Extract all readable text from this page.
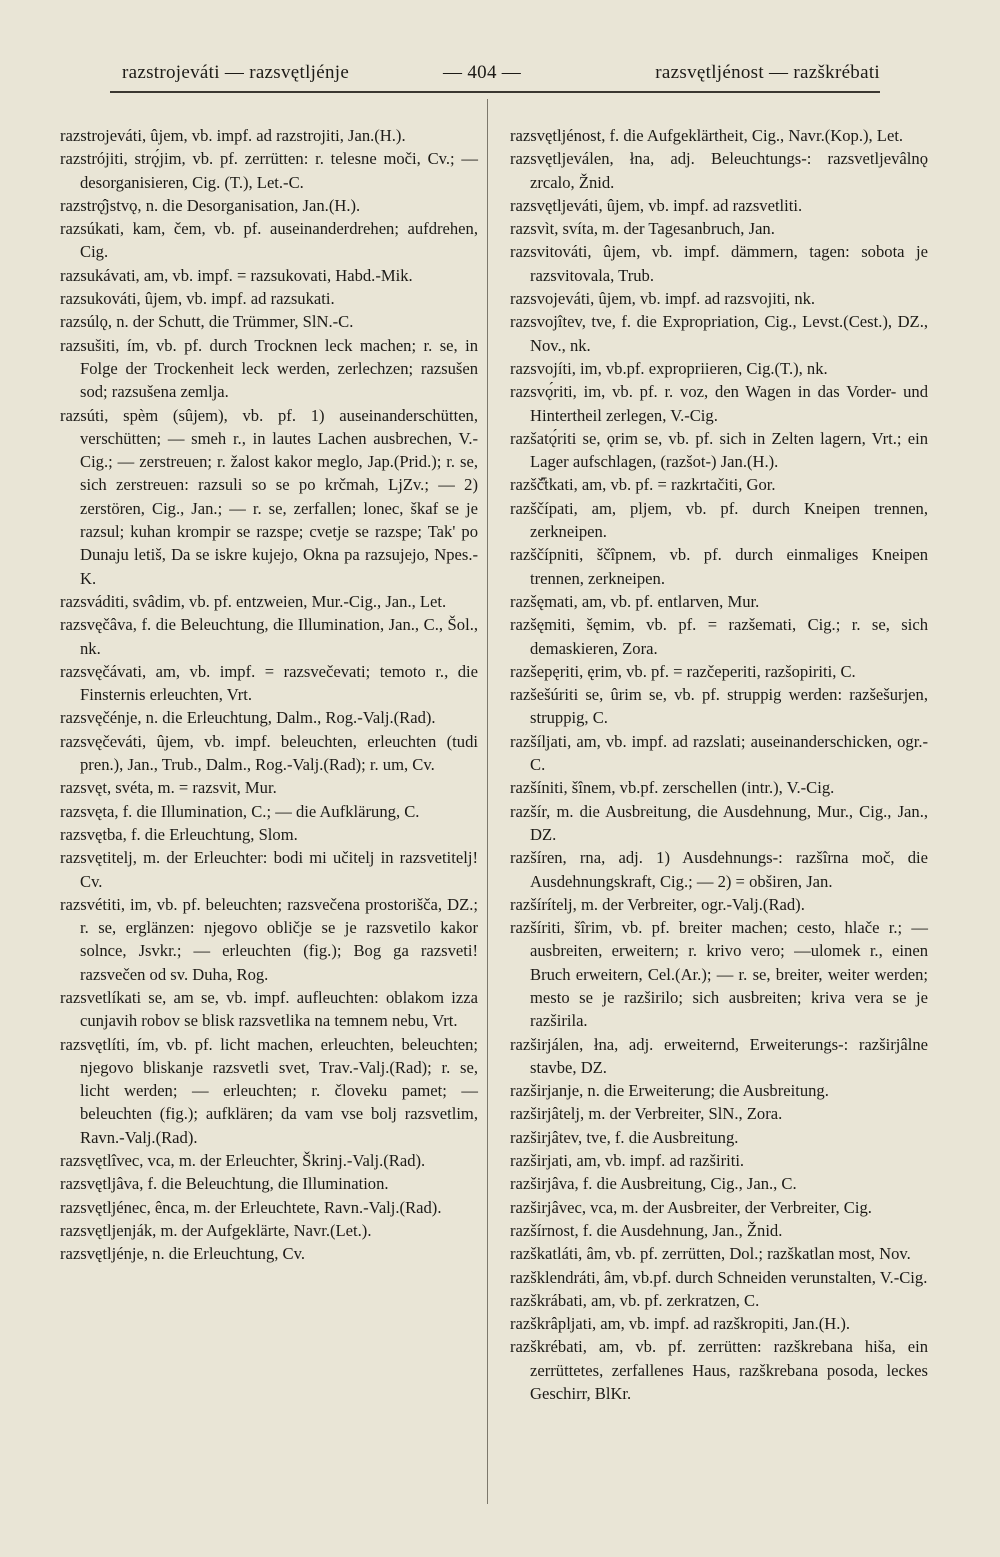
razstrojeváti — razsvętljénje	— 404 —	razsvętljénost — razškrébati

razstrojeváti, ûjem, vb. impf. ad razstrojiti, Jan.(H.).

razstrójiti, strǫ́jim, vb. pf. zerrütten: r. telesne moči, Cv.; — desorganisieren, Cig. (T.), Let.-C.

razstrǫ̂jstvǫ, n. die Desorganisation, Jan.(H.).

razsúkati, kam, čem, vb. pf. auseinanderdrehen; aufdrehen, Cig.

razsukávati, am, vb. impf. = razsukovati, Habd.-Mik.

razsukováti, ûjem, vb. impf. ad razsukati.

razsúlǫ, n. der Schutt, die Trümmer, SlN.-C.

razsušiti, ím, vb. pf. durch Trocknen leck machen; r. se, in Folge der Trockenheit leck werden, zerlechzen; razsušen sod; razsušena zemlja.

razsúti, spèm (sûjem), vb. pf. 1) auseinanderschütten, verschütten; — smeh r., in lautes Lachen ausbrechen, V.-Cig.; — zerstreuen; r. žalost kakor meglo, Jap.(Prid.); r. se, sich zerstreuen: razsuli so se po krčmah, LjZv.; — 2) zerstören, Cig., Jan.; — r. se, zerfallen; lonec, škaf se je razsul; kuhan krompir se razspe; cvetje se razspe; Tak' po Dunaju letiš, Da se iskre kujejo, Okna pa razsujejo, Npes.-K.

razsváditi, svâdim, vb. pf. entzweien, Mur.-Cig., Jan., Let.

razsvęčâva, f. die Beleuchtung, die Illumination, Jan., C., Šol., nk.

razsvęčávati, am, vb. impf. = razsvečevati; temoto r., die Finsternis erleuchten, Vrt.

razsvęčénje, n. die Erleuchtung, Dalm., Rog.-Valj.(Rad).

razsvęčeváti, ûjem, vb. impf. beleuchten, erleuchten (tudi pren.), Jan., Trub., Dalm., Rog.-Valj.(Rad); r. um, Cv.

razsvęt, svéta, m. = razsvit, Mur.

razsvęta, f. die Illumination, C.; — die Aufklärung, C.

razsvętba, f. die Erleuchtung, Slom.

razsvętitelj, m. der Erleuchter: bodi mi učitelj in razsvetitelj! Cv.

razsvétiti, im, vb. pf. beleuchten; razsvečena prostorišča, DZ.; r. se, erglänzen: njegovo obličje se je razsvetilo kakor solnce, Jsvkr.; — erleuchten (fig.); Bog ga razsveti! razsvečen od sv. Duha, Rog.

razsvetlíkati se, am se, vb. impf. aufleuchten: oblakom izza cunjavih robov se blisk razsvetlika na temnem nebu, Vrt.

razsvętlíti, ím, vb. pf. licht machen, erleuchten, beleuchten; njegovo bliskanje razsvetli svet, Trav.-Valj.(Rad); r. se, licht werden; — erleuchten; r. človeku pamet; — beleuchten (fig.); aufklären; da vam vse bolj razsvetlim, Ravn.-Valj.(Rad).

razsvętlîvec, vca, m. der Erleuchter, Škrinj.-Valj.(Rad).

razsvętljâva, f. die Beleuchtung, die Illumination.

razsvętljénec, ênca, m. der Erleuchtete, Ravn.-Valj.(Rad).

razsvętljenják, m. der Aufgeklärte, Navr.(Let.).

razsvętljénje, n. die Erleuchtung, Cv.

razsvętljénost, f. die Aufgeklärtheit, Cig., Navr.(Kop.), Let.

razsvętljeválen, łna, adj. Beleuchtungs-: razsvetljevâlnǫ zrcalo, Žnid.

razsvętljeváti, ûjem, vb. impf. ad razsvetliti.

razsvìt, svíta, m. der Tagesanbruch, Jan.

razsvitováti, ûjem, vb. impf. dämmern, tagen: sobota je razsvitovala, Trub.

razsvojeváti, ûjem, vb. impf. ad razsvojiti, nk.

razsvojîtev, tve, f. die Expropriation, Cig., Levst.(Cest.), DZ., Nov., nk.

razsvojíti, im, vb.pf. expropriieren, Cig.(T.), nk.

razsvǫ́riti, im, vb. pf. r. voz, den Wagen in das Vorder- und Hintertheil zerlegen, V.-Cig.

razšatǫ́riti se, ǫrim se, vb. pf. sich in Zelten lagern, Vrt.; ein Lager aufschlagen, (razšot-) Jan.(H.).

razšč꜠tkati, am, vb. pf. = razkrtačiti, Gor.

razščípati, am, pljem, vb. pf. durch Kneipen trennen, zerkneipen.

razščípniti, ščîpnem, vb. pf. durch einmaliges Kneipen trennen, zerkneipen.

razšęmati, am, vb. pf. entlarven, Mur.

razšęmiti, šęmim, vb. pf. = razšemati, Cig.; r. se, sich demaskieren, Zora.

razšepęriti, ęrim, vb. pf. = razčeperiti, razšopiriti, C.

razšešúriti se, ûrim se, vb. pf. struppig werden: razšešurjen, struppig, C.

razšíljati, am, vb. impf. ad razslati; auseinanderschicken, ogr.-C.

razšíniti, šînem, vb.pf. zerschellen (intr.), V.-Cig.

razšír, m. die Ausbreitung, die Ausdehnung, Mur., Cig., Jan., DZ.

razšíren, rna, adj. 1) Ausdehnungs-: razšîrna moč, die Ausdehnungskraft, Cig.; — 2) = obširen, Jan.

razšírítelj, m. der Verbreiter, ogr.-Valj.(Rad).

razšíriti, šîrim, vb. pf. breiter machen; cesto, hlače r.; — ausbreiten, erweitern; r. krivo vero; —ulomek r., einen Bruch erweitern, Cel.(Ar.); — r. se, breiter, weiter werden; mesto se je razširilo; sich ausbreiten; kriva vera se je razširila.

razširjálen, łna, adj. erweiternd, Erweiterungs-: razširjâlne stavbe, DZ.

razširjanje, n. die Erweiterung; die Ausbreitung.

razširjâtelj, m. der Verbreiter, SlN., Zora.

razširjâtev, tve, f. die Ausbreitung.

razširjati, am, vb. impf. ad razširiti.

razširjâva, f. die Ausbreitung, Cig., Jan., C.

razširjâvec, vca, m. der Ausbreiter, der Verbreiter, Cig.

razšírnost, f. die Ausdehnung, Jan., Žnid.

razškatláti, âm, vb. pf. zerrütten, Dol.; razškatlan most, Nov.

razšklendráti, âm, vb.pf. durch Schneiden verunstalten, V.-Cig.

razškrábati, am, vb. pf. zerkratzen, C.

razškrâpljati, am, vb. impf. ad razškropiti, Jan.(H.).

razškrébati, am, vb. pf. zerrütten: razškrebana hiša, ein zerrüttetes, zerfallenes Haus, razškrebana posoda, leckes Geschirr, BlKr.
